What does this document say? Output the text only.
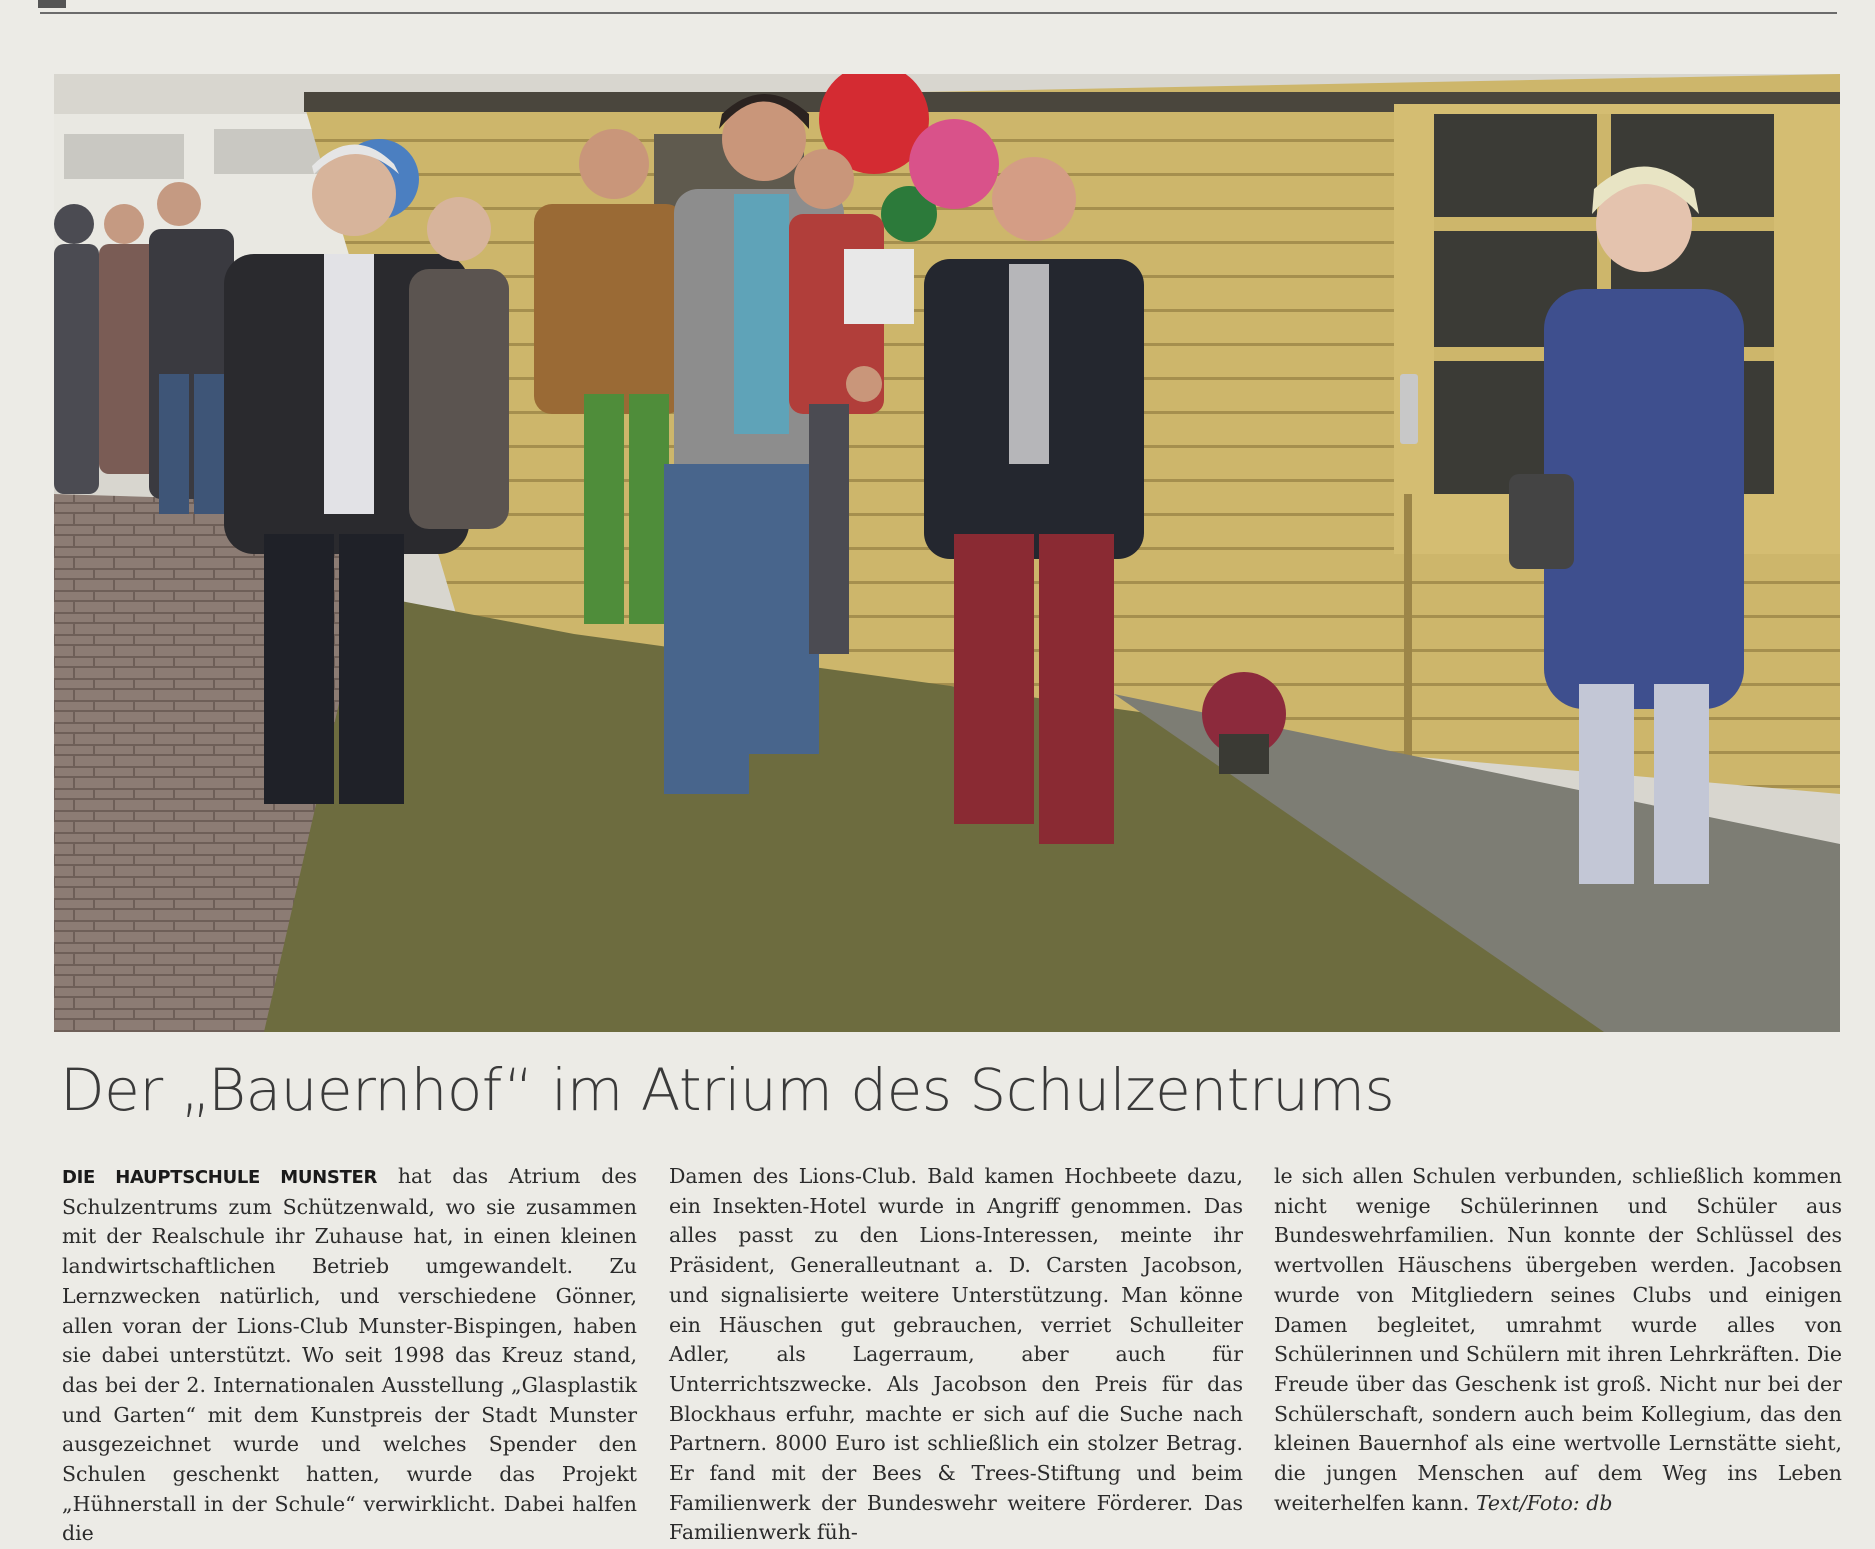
Der „Bauernhof“ im Atrium des Schulzentrums

DIE HAUPTSCHULE MUNSTER hat das Atrium des Schulzentrums zum Schützenwald, wo sie zusammen mit der Realschule ihr Zuhause hat, in einen kleinen landwirtschaftlichen Betrieb umgewandelt. Zu Lernzwecken natürlich, und verschiedene Gönner, allen voran der Lions-Club Munster-Bispingen, haben sie dabei unterstützt. Wo seit 1998 das Kreuz stand, das bei der 2. Internationalen Ausstellung „Glasplastik und Garten“ mit dem Kunstpreis der Stadt Munster ausgezeichnet wurde und welches Spender den Schulen geschenkt hatten, wurde das Projekt „Hühnerstall in der Schule“ verwirklicht. Dabei halfen die

Damen des Lions-Club. Bald kamen Hochbeete dazu, ein Insekten-Hotel wurde in Angriff genommen. Das alles passt zu den Lions-Interessen, meinte ihr Präsident, Generalleutnant a. D. Carsten Jacobson, und signalisierte weitere Unterstützung. Man könne ein Häuschen gut gebrauchen, verriet Schulleiter Adler, als Lagerraum, aber auch für Unterrichtszwecke. Als Jacobson den Preis für das Blockhaus erfuhr, machte er sich auf die Suche nach Partnern. 8000 Euro ist schließlich ein stolzer Betrag. Er fand mit der Bees & Trees-Stiftung und beim Familienwerk der Bundeswehr weitere Förderer. Das Familienwerk füh-

le sich allen Schulen verbunden, schließlich kommen nicht wenige Schülerinnen und Schüler aus Bundeswehrfamilien. Nun konnte der Schlüssel des wertvollen Häuschens übergeben werden. Jacobsen wurde von Mitgliedern seines Clubs und einigen Damen begleitet, umrahmt wurde alles von Schülerinnen und Schülern mit ihren Lehrkräften. Die Freude über das Geschenk ist groß. Nicht nur bei der Schülerschaft, sondern auch beim Kollegium, das den kleinen Bauernhof als eine wertvolle Lernstätte sieht, die jungen Menschen auf dem Weg ins Leben weiterhelfen kann. Text/Foto: db
